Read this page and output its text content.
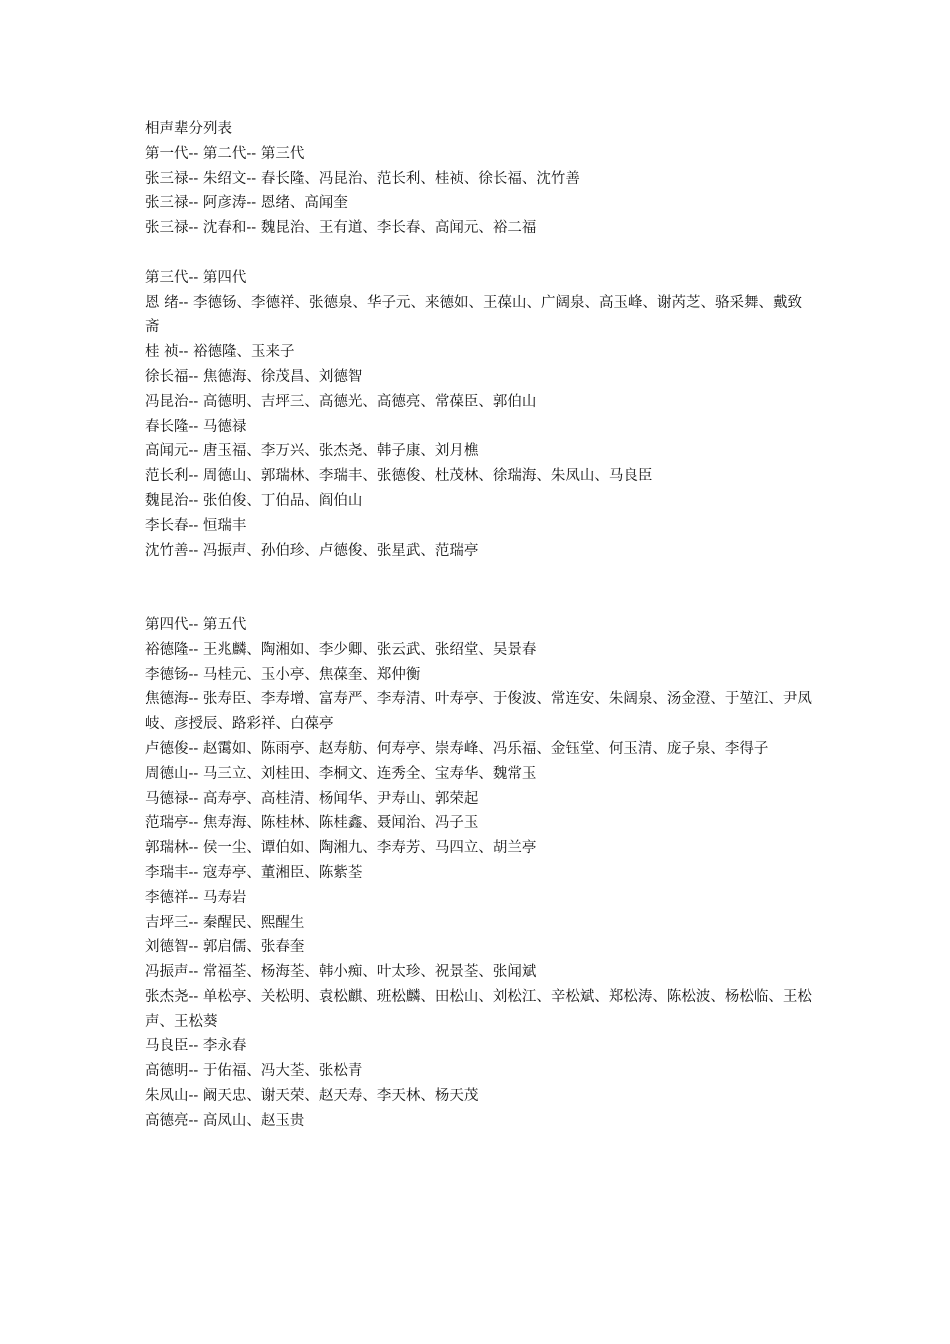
相声辈分列表

第一代-- 第二代-- 第三代

张三禄-- 朱绍文-- 春长隆、冯昆治、范长利、桂祯、徐长福、沈竹善

张三禄-- 阿彦涛-- 恩绪、高闻奎

张三禄-- 沈春和-- 魏昆治、王有道、李长春、高闻元、裕二福

第三代-- 第四代

恩 绪-- 李德钖、李德祥、张德泉、华子元、来德如、王葆山、广阔泉、高玉峰、谢芮芝、骆采舞、戴致斋

桂 祯-- 裕德隆、玉来子

徐长福-- 焦德海、徐茂昌、刘德智

冯昆治-- 高德明、吉坪三、高德光、高德亮、常葆臣、郭伯山

春长隆-- 马德禄

高闻元-- 唐玉福、李万兴、张杰尧、韩子康、刘月樵

范长利-- 周德山、郭瑞林、李瑞丰、张德俊、杜茂林、徐瑞海、朱凤山、马良臣

魏昆治-- 张伯俊、丁伯品、阎伯山

李长春-- 恒瑞丰

沈竹善-- 冯振声、孙伯珍、卢德俊、张星武、范瑞亭

第四代-- 第五代

裕德隆-- 王兆麟、陶湘如、李少卿、张云武、张绍堂、吴景春

李德钖-- 马桂元、玉小亭、焦葆奎、郑仲衡

焦德海-- 张寿臣、李寿增、富寿严、李寿清、叶寿亭、于俊波、常连安、朱阔泉、汤金澄、于堃江、尹凤岐、彦授辰、路彩祥、白葆亭

卢德俊-- 赵霭如、陈雨亭、赵寿舫、何寿亭、崇寿峰、冯乐福、金钰堂、何玉清、庞子泉、李得子

周德山-- 马三立、刘桂田、李桐文、连秀全、宝寿华、魏常玉

马德禄-- 高寿亭、高桂清、杨闻华、尹寿山、郭荣起

范瑞亭-- 焦寿海、陈桂林、陈桂鑫、聂闻治、冯子玉

郭瑞林-- 侯一尘、谭伯如、陶湘九、李寿芳、马四立、胡兰亭

李瑞丰-- 寇寿亭、董湘臣、陈紫荃

李德祥-- 马寿岩

吉坪三-- 秦醒民、熙醒生

刘德智-- 郭启儒、张春奎

冯振声-- 常福荃、杨海荃、韩小痴、叶太珍、祝景荃、张闻斌

张杰尧-- 单松亭、关松明、袁松麒、班松麟、田松山、刘松江、辛松斌、郑松涛、陈松波、杨松临、王松声、王松葵

马良臣-- 李永春

高德明-- 于佑福、冯大荃、张松青

朱凤山-- 阚天忠、谢天荣、赵天寿、李天林、杨天茂

高德亮-- 高凤山、赵玉贵
